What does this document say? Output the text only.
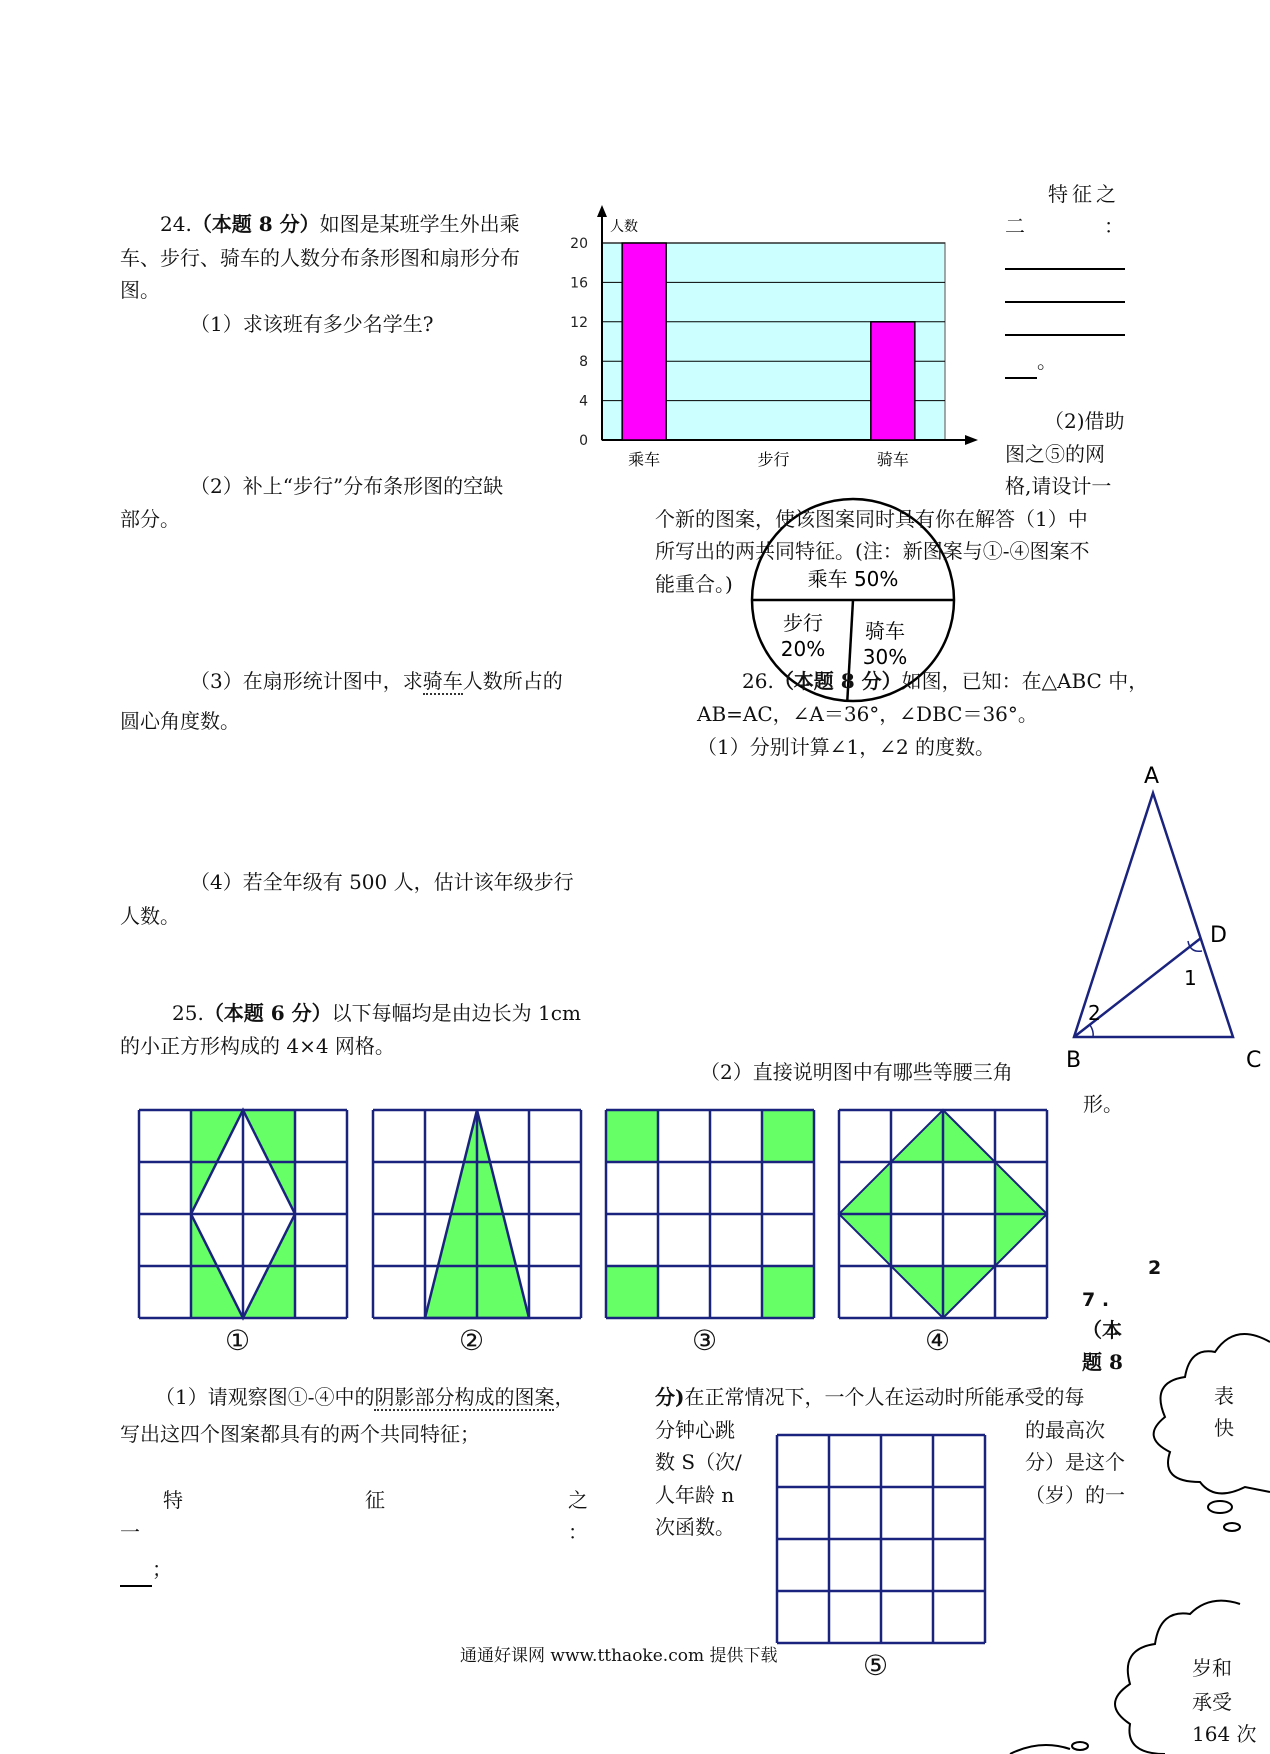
24.（本题 8 分）如图是某班学生外出乘
车、步行、骑车的人数分布条形图和扇形分布
图。
（1）求该班有多少名学生?
（2）补上“步行”分布条形图的空缺
部分。
（3）在扇形统计图中，求骑车人数所占的
圆心角度数。
（4）若全年级有 500 人，估计该年级步行
人数。
0
4
8
12
16
20
人数
乘车	步行	骑车
乘车 50%
步行
20%
骑车
30%
特征之
二	：
。
（2)借助
图之⑤的网
格,请设计一
个新的图案，使该图案同时具有你在解答（1）中
所写出的两共同特征。(注：新图案与①-④图案不
能重合。)
26.（本题 8 分）如图，已知：在△ABC 中，
AB=AC，∠A＝36°，∠DBC＝36°。
（1）分别计算∠1，∠2 的度数。
（2）直接说明图中有哪些等腰三角
形。
A
B	C
D
1
2
25.（本题 6 分）以下每幅均是由边长为 1cm
的小正方形构成的 4×4 网格。
①	②	③	④
⑤
（1）请观察图①-④中的阴影部分构成的图案，
写出这四个图案都具有的两个共同特征；
特	征	之
一	：
；
2
7 .
（本
题 8
分)在正常情况下，一个人在运动时所能承受的每
分钟心跳	的最高次
数 S（次/	分）是这个
人年龄 n	（岁）的一
次函数。
表
快
岁和
承受
164 次
通通好课网 www.tthaoke.com 提供下载
